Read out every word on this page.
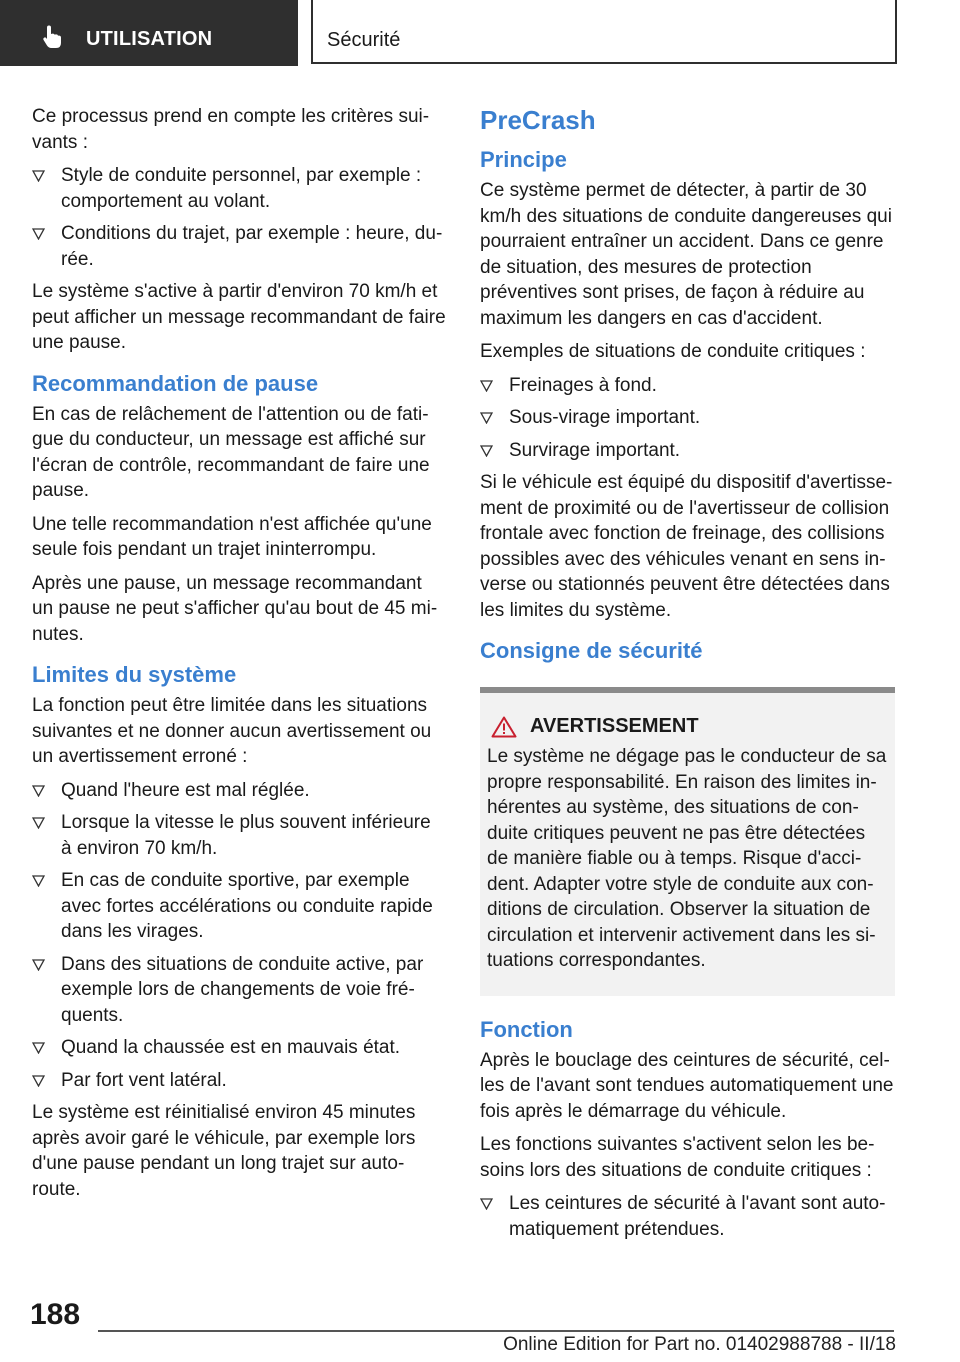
UTILISATION	Sécurité

Ce processus prend en compte les critères suivants :

Style de conduite personnel, par exemple : comportement au volant.
Conditions du trajet, par exemple : heure, durée.

Le système s'active à partir d'environ 70 km/h et peut afficher un message recommandant de faire une pause.

Recommandation de pause

En cas de relâchement de l'attention ou de fatigue du conducteur, un message est affiché sur l'écran de contrôle, recommandant de faire une pause.

Une telle recommandation n'est affichée qu'une seule fois pendant un trajet ininterrompu.

Après une pause, un message recommandant un pause ne peut s'afficher qu'au bout de 45 minutes.

Limites du système

La fonction peut être limitée dans les situations suivantes et ne donner aucun avertissement ou un avertissement erroné :

Quand l'heure est mal réglée.
Lorsque la vitesse le plus souvent inférieure à environ 70 km/h.
En cas de conduite sportive, par exemple avec fortes accélérations ou conduite rapide dans les virages.
Dans des situations de conduite active, par exemple lors de changements de voie fréquents.
Quand la chaussée est en mauvais état.
Par fort vent latéral.

Le système est réinitialisé environ 45 minutes après avoir garé le véhicule, par exemple lors d'une pause pendant un long trajet sur autoroute.

PreCrash
Principe

Ce système permet de détecter, à partir de 30 km/h des situations de conduite dangereuses qui pourraient entraîner un accident. Dans ce genre de situation, des mesures de protection préventives sont prises, de façon à réduire au maximum les dangers en cas d'accident.

Exemples de situations de conduite critiques :

Freinages à fond.
Sous-virage important.
Survirage important.

Si le véhicule est équipé du dispositif d'avertissement de proximité ou de l'avertisseur de collision frontale avec fonction de freinage, des collisions possibles avec des véhicules venant en sens inverse ou stationnés peuvent être détectées dans les limites du système.

Consigne de sécurité
AVERTISSEMENT

Le système ne dégage pas le conducteur de sa propre responsabilité. En raison des limites inhérentes au système, des situations de conduite critiques peuvent ne pas être détectées de manière fiable ou à temps. Risque d'accident. Adapter votre style de conduite aux conditions de circulation. Observer la situation de circulation et intervenir activement dans les situations correspondantes.

Fonction

Après le bouclage des ceintures de sécurité, celles de l'avant sont tendues automatiquement une fois après le démarrage du véhicule.

Les fonctions suivantes s'activent selon les besoins lors des situations de conduite critiques :

Les ceintures de sécurité à l'avant sont automatiquement prétendues.
188
Online Edition for Part no. 01402988788 - II/18
